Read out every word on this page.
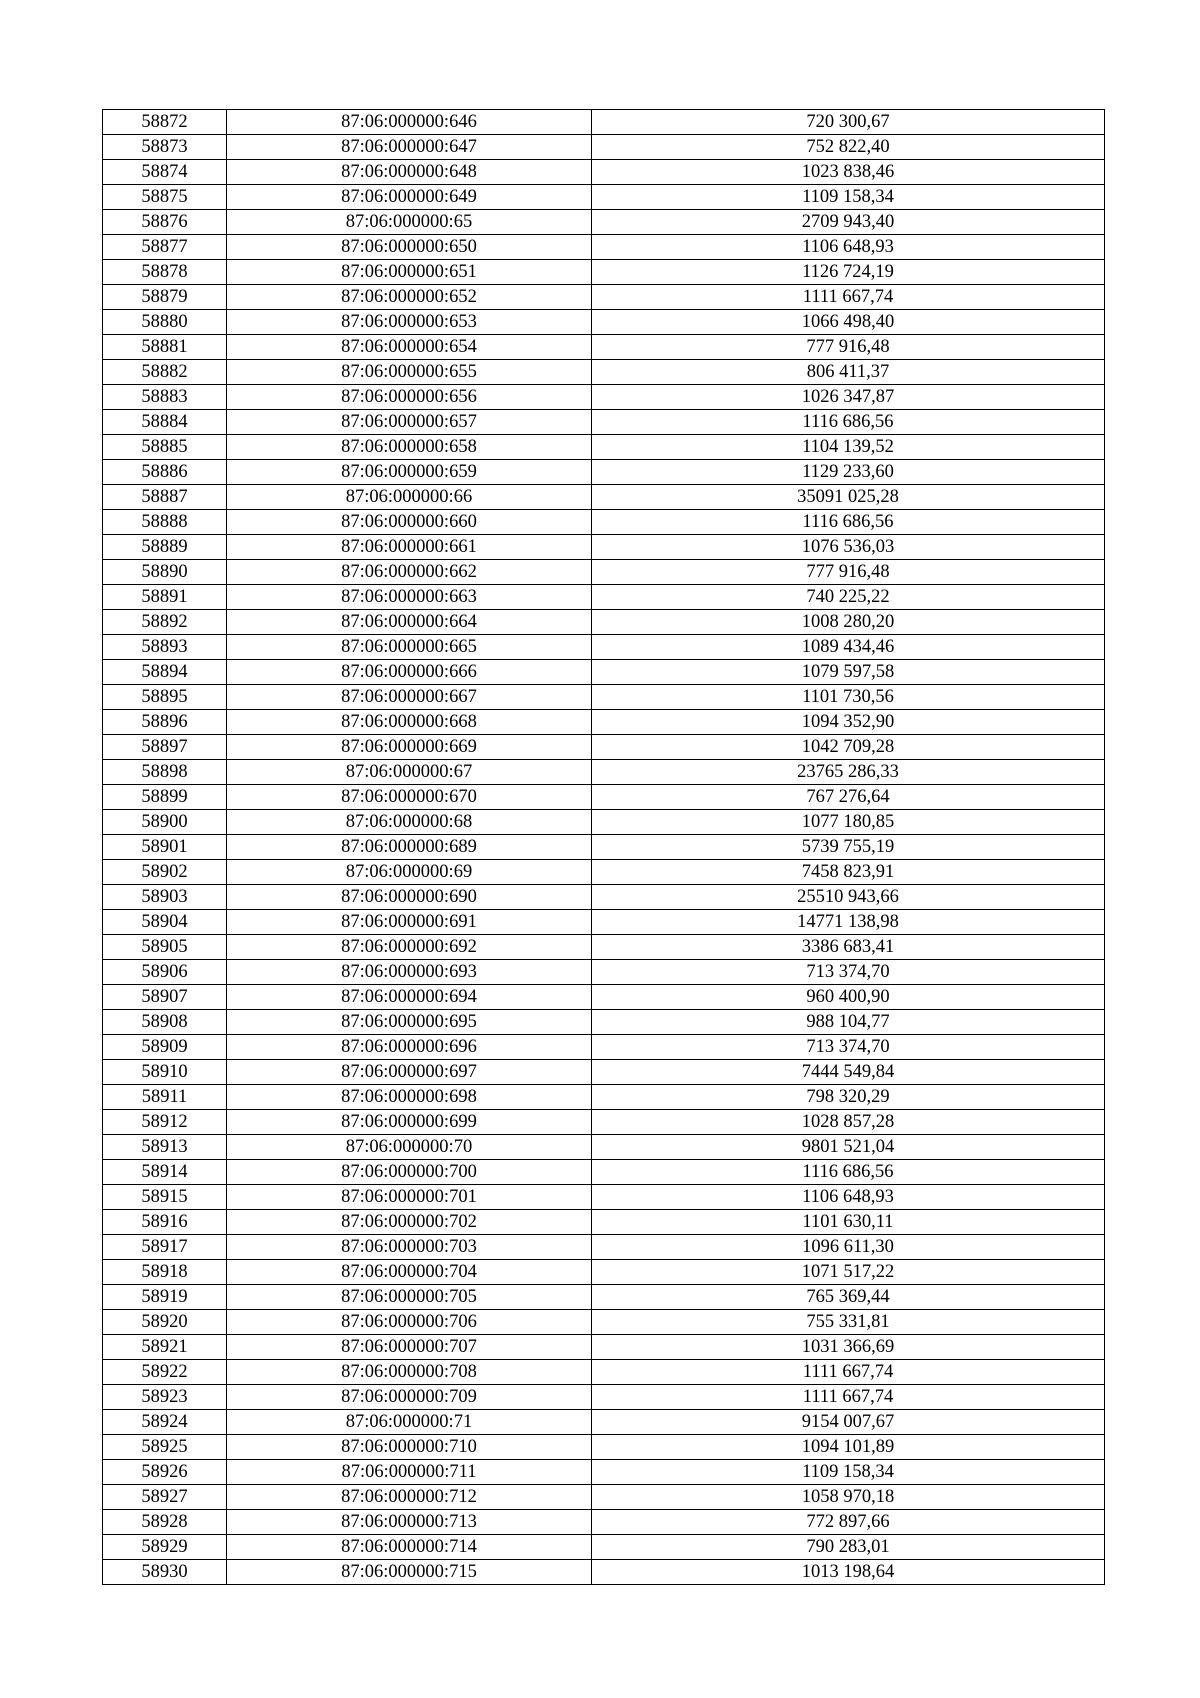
58872	87:06:000000:646	720 300,67
58873	87:06:000000:647	752 822,40
58874	87:06:000000:648	1023 838,46
58875	87:06:000000:649	1109 158,34
58876	87:06:000000:65	2709 943,40
58877	87:06:000000:650	1106 648,93
58878	87:06:000000:651	1126 724,19
58879	87:06:000000:652	1111 667,74
58880	87:06:000000:653	1066 498,40
58881	87:06:000000:654	777 916,48
58882	87:06:000000:655	806 411,37
58883	87:06:000000:656	1026 347,87
58884	87:06:000000:657	1116 686,56
58885	87:06:000000:658	1104 139,52
58886	87:06:000000:659	1129 233,60
58887	87:06:000000:66	35091 025,28
58888	87:06:000000:660	1116 686,56
58889	87:06:000000:661	1076 536,03
58890	87:06:000000:662	777 916,48
58891	87:06:000000:663	740 225,22
58892	87:06:000000:664	1008 280,20
58893	87:06:000000:665	1089 434,46
58894	87:06:000000:666	1079 597,58
58895	87:06:000000:667	1101 730,56
58896	87:06:000000:668	1094 352,90
58897	87:06:000000:669	1042 709,28
58898	87:06:000000:67	23765 286,33
58899	87:06:000000:670	767 276,64
58900	87:06:000000:68	1077 180,85
58901	87:06:000000:689	5739 755,19
58902	87:06:000000:69	7458 823,91
58903	87:06:000000:690	25510 943,66
58904	87:06:000000:691	14771 138,98
58905	87:06:000000:692	3386 683,41
58906	87:06:000000:693	713 374,70
58907	87:06:000000:694	960 400,90
58908	87:06:000000:695	988 104,77
58909	87:06:000000:696	713 374,70
58910	87:06:000000:697	7444 549,84
58911	87:06:000000:698	798 320,29
58912	87:06:000000:699	1028 857,28
58913	87:06:000000:70	9801 521,04
58914	87:06:000000:700	1116 686,56
58915	87:06:000000:701	1106 648,93
58916	87:06:000000:702	1101 630,11
58917	87:06:000000:703	1096 611,30
58918	87:06:000000:704	1071 517,22
58919	87:06:000000:705	765 369,44
58920	87:06:000000:706	755 331,81
58921	87:06:000000:707	1031 366,69
58922	87:06:000000:708	1111 667,74
58923	87:06:000000:709	1111 667,74
58924	87:06:000000:71	9154 007,67
58925	87:06:000000:710	1094 101,89
58926	87:06:000000:711	1109 158,34
58927	87:06:000000:712	1058 970,18
58928	87:06:000000:713	772 897,66
58929	87:06:000000:714	790 283,01
58930	87:06:000000:715	1013 198,64
